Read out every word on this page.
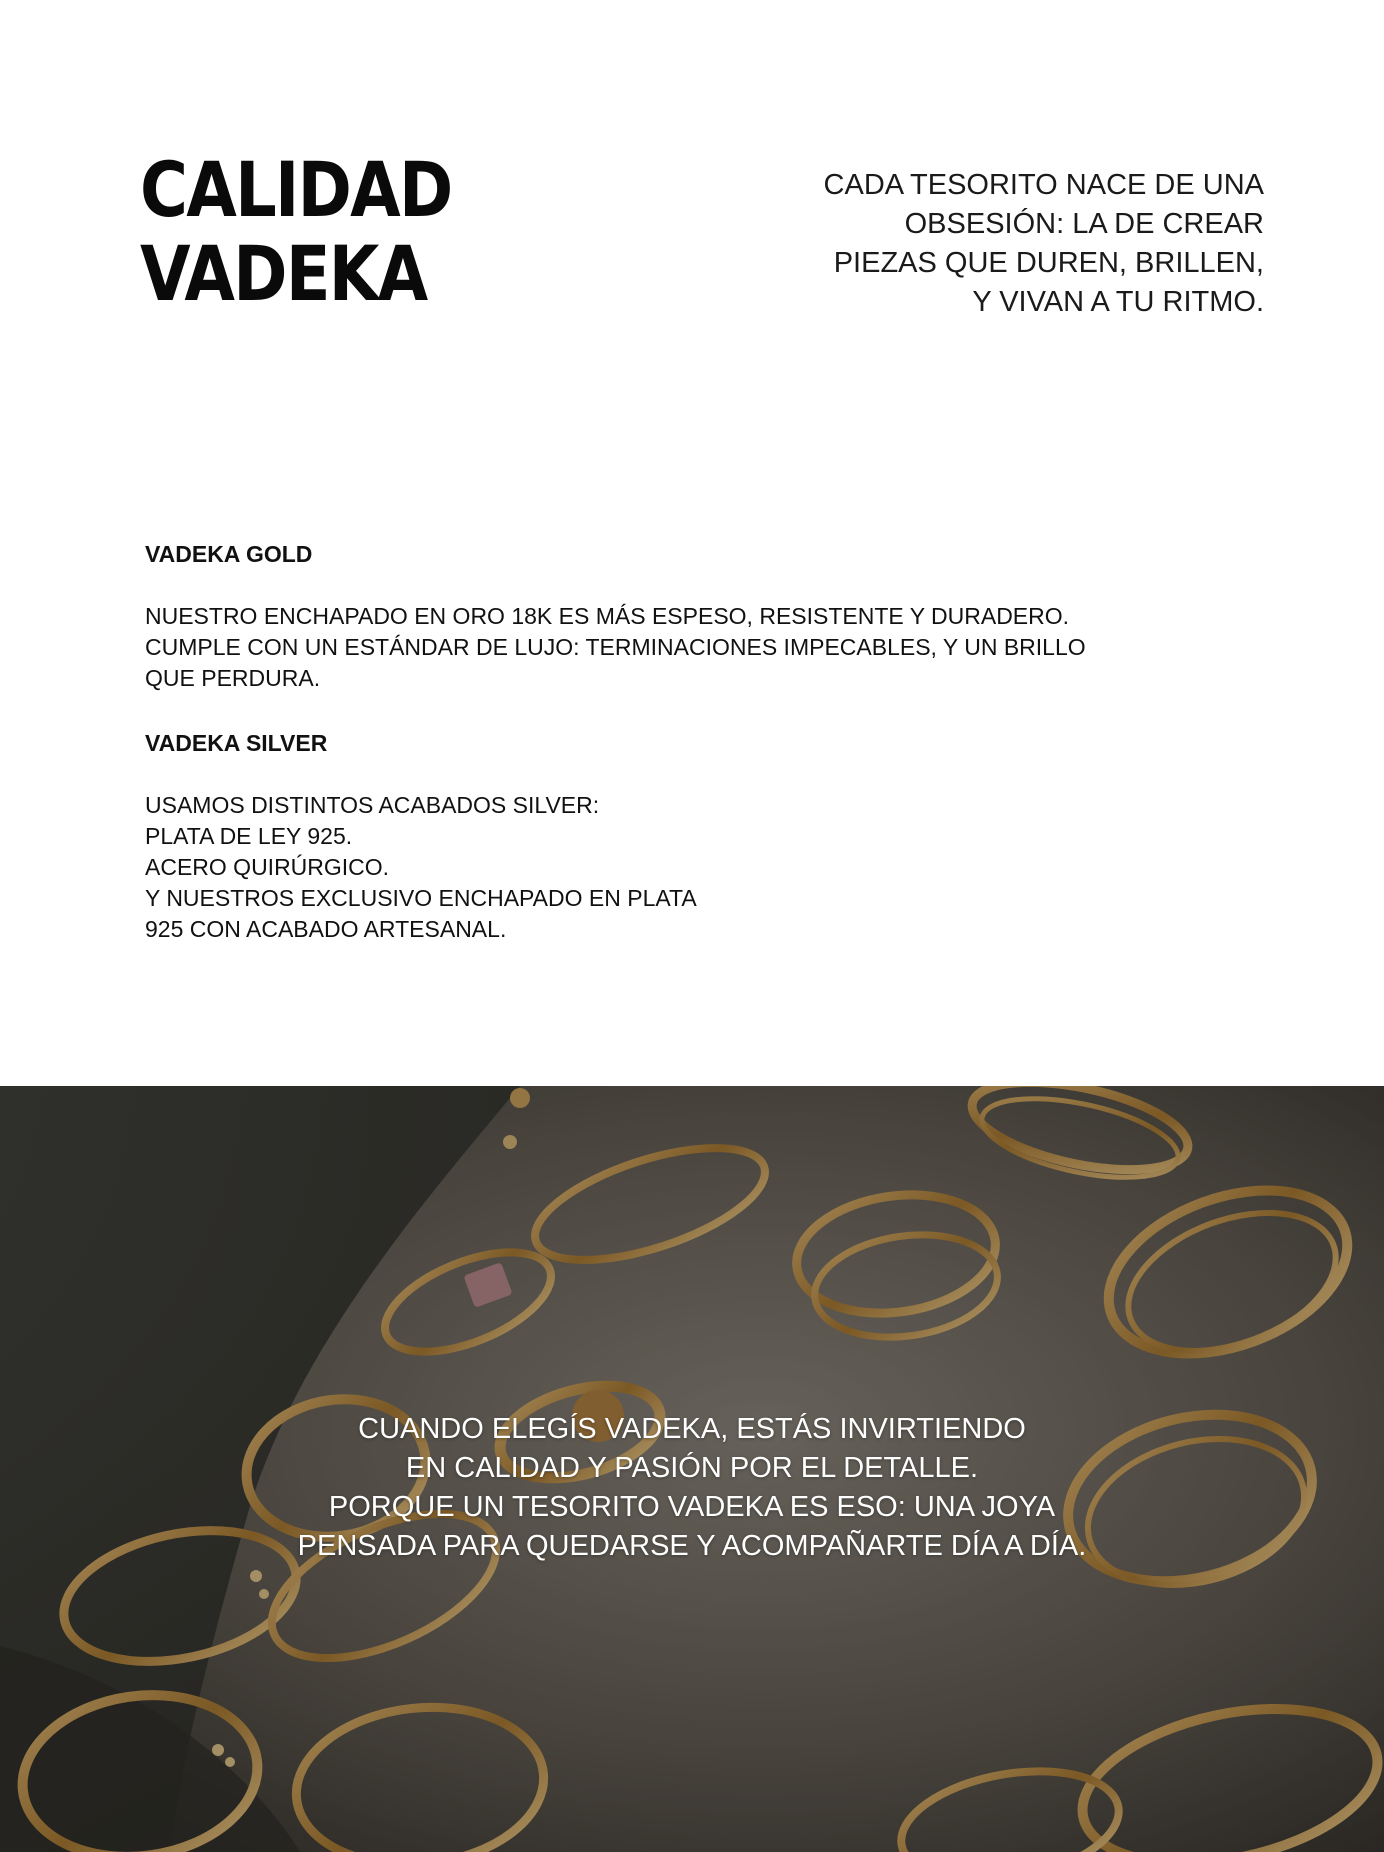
CALIDAD
VADEKA

CADA TESORITO NACE DE UNA
OBSESIÓN: LA DE CREAR
PIEZAS QUE DUREN, BRILLEN,
Y VIVAN A TU RITMO.

VADEKA GOLD

NUESTRO ENCHAPADO EN ORO 18K ES MÁS ESPESO, RESISTENTE Y DURADERO.
CUMPLE CON UN ESTÁNDAR DE LUJO: TERMINACIONES IMPECABLES, Y UN BRILLO
QUE PERDURA.

VADEKA SILVER

USAMOS DISTINTOS ACABADOS SILVER:
PLATA DE LEY 925.
ACERO QUIRÚRGICO.
Y NUESTROS EXCLUSIVO ENCHAPADO EN PLATA
925 CON ACABADO ARTESANAL.

CUANDO ELEGÍS VADEKA, ESTÁS INVIRTIENDO
EN CALIDAD Y PASIÓN POR EL DETALLE.
PORQUE UN TESORITO VADEKA ES ESO: UNA JOYA
PENSADA PARA QUEDARSE Y ACOMPAÑARTE DÍA A DÍA.
